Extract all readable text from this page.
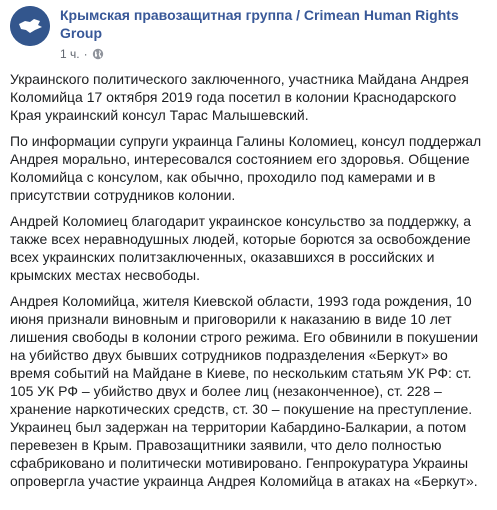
Крымская правозащитная группа / Crimean Human Rights Group
1 ч. ·

Украинского политического заключенного, участника Майдана Андрея Коломийца 17 октября 2019 года посетил в колонии Краснодарского Края украинский консул Тарас Малышевский.

По информации супруги украинца Галины Коломиец, консул поддержал Андрея морально, интересовался состоянием его здоровья. Общение Коломийца с консулом, как обычно, проходило под камерами и в присутствии сотрудников колонии.

Андрей Коломиец благодарит украинское консульство за поддержку, а также всех неравнодушных людей, которые борются за освобождение всех украинских политзаключенных, оказавшихся в российских и крымских местах несвободы.

Андрея Коломийца, жителя Киевской области, 1993 года рождения, 10 июня признали виновным и приговорили к наказанию в виде 10 лет лишения свободы в колонии строго режима. Его обвинили в покушении на убийство двух бывших сотрудников подразделения «Беркут» во время событий на Майдане в Киеве, по нескольким статьям УК РФ: ст. 105 УК РФ – убийство двух и более лиц (незаконченное), ст. 228 – хранение наркотических средств, ст. 30 – покушение на преступление. Украинец был задержан на территории Кабардино-Балкарии, а потом перевезен в Крым. Правозащитники заявили, что дело полностью сфабриковано и политически мотивировано. Генпрокуратура Украины опровергла участие украинца Андрея Коломийца в атаках на «Беркут».
